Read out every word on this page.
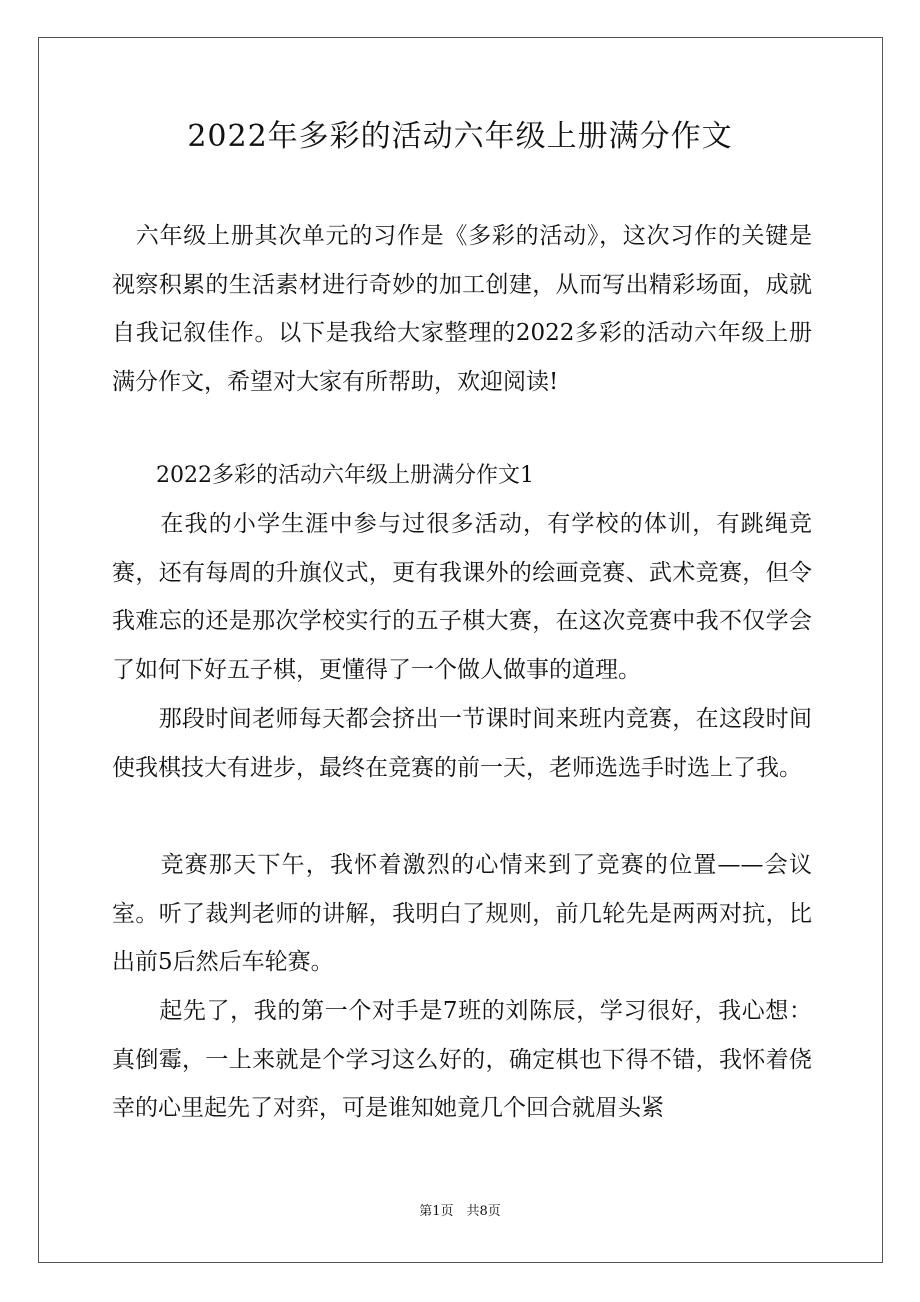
2022年多彩的活动六年级上册满分作文

　六年级上册其次单元的习作是《多彩的活动》，这次习作的关键是视察积累的生活素材进行奇妙的加工创建，从而写出精彩场面，成就自我记叙佳作。以下是我给大家整理的2022多彩的活动六年级上册满分作文，希望对大家有所帮助，欢迎阅读!

　　2022多彩的活动六年级上册满分作文1

　　在我的小学生涯中参与过很多活动，有学校的体训，有跳绳竞赛，还有每周的升旗仪式，更有我课外的绘画竞赛、武术竞赛，但令我难忘的还是那次学校实行的五子棋大赛，在这次竞赛中我不仅学会了如何下好五子棋，更懂得了一个做人做事的道理。

　　那段时间老师每天都会挤出一节课时间来班内竞赛，在这段时间使我棋技大有进步，最终在竞赛的前一天，老师选选手时选上了我。

　　竞赛那天下午，我怀着激烈的心情来到了竞赛的位置——会议室。听了裁判老师的讲解，我明白了规则，前几轮先是两两对抗，比出前5后然后车轮赛。

　　起先了，我的第一个对手是7班的刘陈辰，学习很好，我心想：真倒霉，一上来就是个学习这么好的，确定棋也下得不错，我怀着侥幸的心里起先了对弈，可是谁知她竟几个回合就眉头紧

第1页　共8页
